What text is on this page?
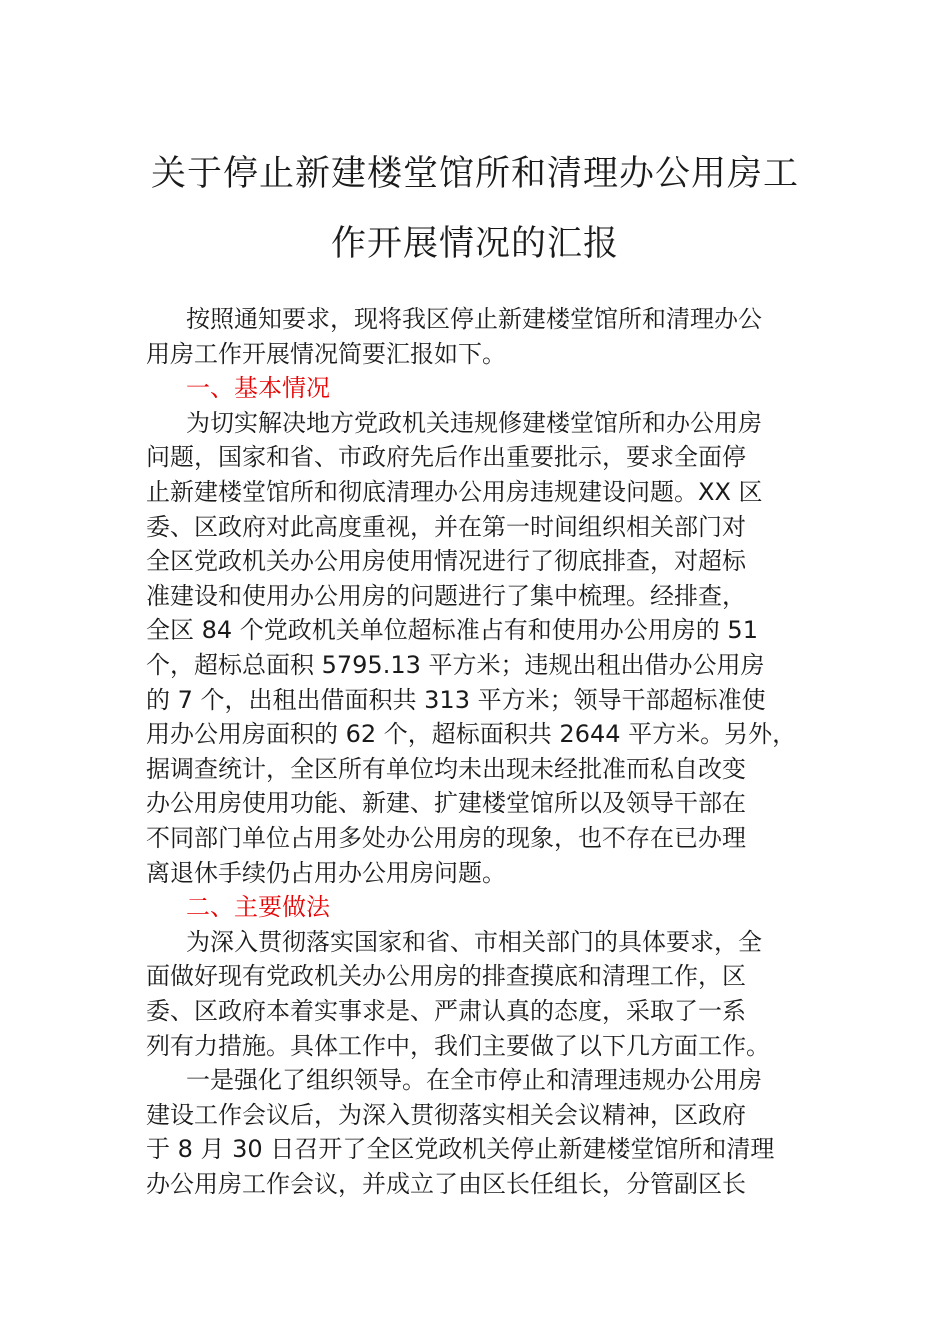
关于停止新建楼堂馆所和清理办公用房工
作开展情况的汇报
按照通知要求，现将我区停止新建楼堂馆所和清理办公
用房工作开展情况简要汇报如下。
一、基本情况
为切实解决地方党政机关违规修建楼堂馆所和办公用房
问题，国家和省、市政府先后作出重要批示，要求全面停
止新建楼堂馆所和彻底清理办公用房违规建设问题。XX 区
委、区政府对此高度重视，并在第一时间组织相关部门对
全区党政机关办公用房使用情况进行了彻底排查，对超标
准建设和使用办公用房的问题进行了集中梳理。经排查，
全区 84 个党政机关单位超标准占有和使用办公用房的 51
个，超标总面积 5795.13 平方米；违规出租出借办公用房
的 7 个，出租出借面积共 313 平方米；领导干部超标准使
用办公用房面积的 62 个，超标面积共 2644 平方米。另外，
据调查统计，全区所有单位均未出现未经批准而私自改变
办公用房使用功能、新建、扩建楼堂馆所以及领导干部在
不同部门单位占用多处办公用房的现象，也不存在已办理
离退休手续仍占用办公用房问题。
二、主要做法
为深入贯彻落实国家和省、市相关部门的具体要求，全
面做好现有党政机关办公用房的排查摸底和清理工作，区
委、区政府本着实事求是、严肃认真的态度，采取了一系
列有力措施。具体工作中，我们主要做了以下几方面工作。
一是强化了组织领导。在全市停止和清理违规办公用房
建设工作会议后，为深入贯彻落实相关会议精神，区政府
于 8 月 30 日召开了全区党政机关停止新建楼堂馆所和清理
办公用房工作会议，并成立了由区长任组长，分管副区长
